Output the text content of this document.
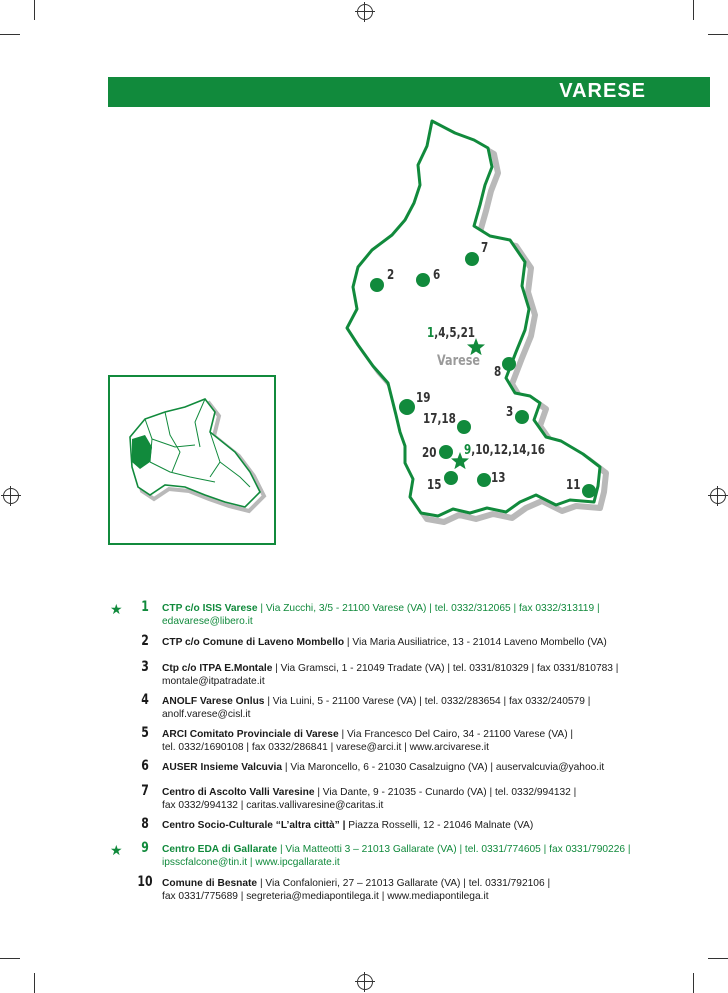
VARESE
7
6
2
1,4,5,21
Varese
8
19
17,18	3
20 9,10,12,14,16
13
15	11
★	1	CTP c/o ISIS Varese | Via Zucchi, 3/5 - 21100 Varese (VA) | tel. 0332/312065 | fax 0332/313119 |
edavarese@libero.it
2	CTP c/o Comune di Laveno Mombello | Via Maria Ausiliatrice, 13 - 21014 Laveno Mombello (VA)
3	Ctp c/o ITPA E.Montale | Via Gramsci, 1 - 21049 Tradate (VA) | tel. 0331/810329 | fax 0331/810783 |
montale@itpatradate.it
4	ANOLF Varese Onlus | Via Luini, 5 - 21100 Varese (VA) | tel. 0332/283654 | fax 0332/240579 |
anolf.varese@cisl.it
5	ARCI Comitato Provinciale di Varese | Via Francesco Del Cairo, 34 - 21100 Varese (VA) |
tel. 0332/1690108 | fax 0332/286841 | varese@arci.it | www.arcivarese.it
6	AUSER Insieme Valcuvia | Via Maroncello, 6 - 21030 Casalzuigno (VA) | auservalcuvia@yahoo.it
7	Centro di Ascolto Valli Varesine | Via Dante, 9 - 21035 - Cunardo (VA) | tel. 0332/994132 |
fax 0332/994132 | caritas.vallivaresine@caritas.it
8	Centro Socio-Culturale “L’altra città” | Piazza Rosselli, 12 - 21046 Malnate (VA)
★	9	Centro EDA di Gallarate | Via Matteotti 3 – 21013 Gallarate (VA) | tel. 0331/774605 | fax 0331/790226 |
ipsscfalcone@tin.it | www.ipcgallarate.it
10 Comune di Besnate | Via Confalonieri, 27 – 21013 Gallarate (VA) | tel. 0331/792106 |
fax 0331/775689 | segreteria@mediapontilega.it | www.mediapontilega.it
